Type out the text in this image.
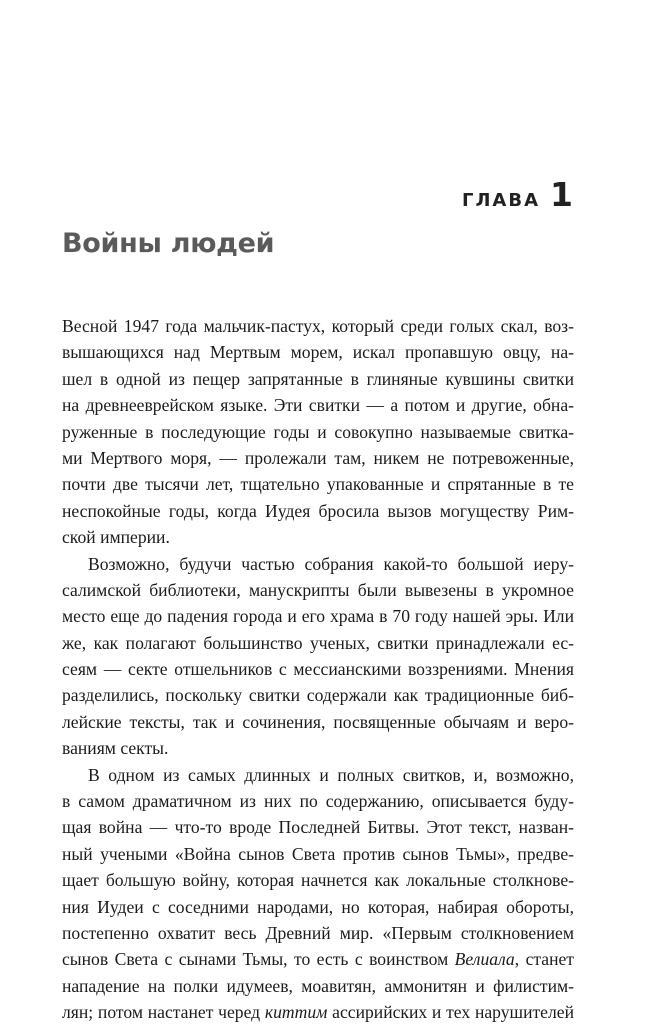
ГЛАВА 1
Войны людей
Весной 1947 года мальчик-пастух, который среди голых скал, воз-
вышающихся над Мертвым морем, искал пропавшую овцу, на-
шел в одной из пещер запрятанные в глиняные кувшины свитки
на древнееврейском языке. Эти свитки — а потом и другие, обна-
руженные в последующие годы и совокупно называемые свитка-
ми Мертвого моря, — пролежали там, никем не потревоженные,
почти две тысячи лет, тщательно упакованные и спрятанные в те
неспокойные годы, когда Иудея бросила вызов могуществу Рим-
ской империи.
Возможно, будучи частью собрания какой-то большой иеру-
салимской библиотеки, манускрипты были вывезены в укромное
место еще до падения города и его храма в 70 году нашей эры. Или
же, как полагают большинство ученых, свитки принадлежали ес-
сеям — секте отшельников с мессианскими воззрениями. Мнения
разделились, поскольку свитки содержали как традиционные биб-
лейские тексты, так и сочинения, посвященные обычаям и веро-
ваниям секты.
В одном из самых длинных и полных свитков, и, возможно,
в самом драматичном из них по содержанию, описывается буду-
щая война — что-то вроде Последней Битвы. Этот текст, назван-
ный учеными «Война сынов Света против сынов Тьмы», предве-
щает большую войну, которая начнется как локальные столкнове-
ния Иудеи с соседними народами, но которая, набирая обороты,
постепенно охватит весь Древний мир. «Первым столкновением
сынов Света с сынами Тьмы, то есть с воинством Велиала, станет
нападение на полки идумеев, моавитян, аммонитян и филистим-
лян; потом настанет черед киттим ассирийских и тех нарушителей
